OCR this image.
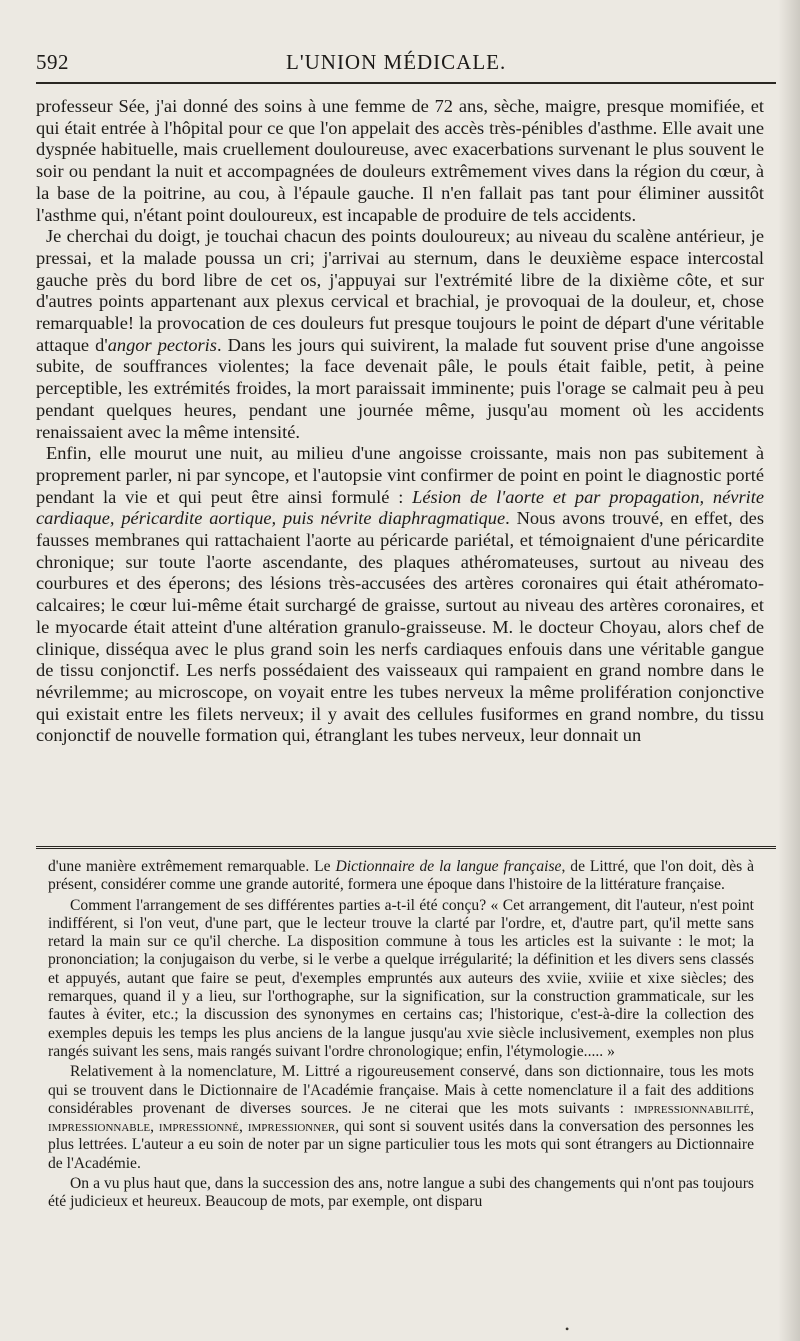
592	L'UNION MÉDICALE.

professeur Sée, j'ai donné des soins à une femme de 72 ans, sèche, maigre, presque momifiée, et qui était entrée à l'hôpital pour ce que l'on appelait des accès très-pénibles d'asthme. Elle avait une dyspnée habituelle, mais cruellement douloureuse, avec exacerbations survenant le plus souvent le soir ou pendant la nuit et accompagnées de douleurs extrêmement vives dans la région du cœur, à la base de la poitrine, au cou, à l'épaule gauche. Il n'en fallait pas tant pour éliminer aussitôt l'asthme qui, n'étant point douloureux, est incapable de produire de tels accidents.

Je cherchai du doigt, je touchai chacun des points douloureux; au niveau du scalène antérieur, je pressai, et la malade poussa un cri; j'arrivai au sternum, dans le deuxième espace intercostal gauche près du bord libre de cet os, j'appuyai sur l'extrémité libre de la dixième côte, et sur d'autres points appartenant aux plexus cervical et brachial, je provoquai de la douleur, et, chose remarquable! la provocation de ces douleurs fut presque toujours le point de départ d'une véritable attaque d'angor pectoris. Dans les jours qui suivirent, la malade fut souvent prise d'une angoisse subite, de souffrances violentes; la face devenait pâle, le pouls était faible, petit, à peine perceptible, les extrémités froides, la mort paraissait imminente; puis l'orage se calmait peu à peu pendant quelques heures, pendant une journée même, jusqu'au moment où les accidents renaissaient avec la même intensité.

Enfin, elle mourut une nuit, au milieu d'une angoisse croissante, mais non pas subitement à proprement parler, ni par syncope, et l'autopsie vint confirmer de point en point le diagnostic porté pendant la vie et qui peut être ainsi formulé : Lésion de l'aorte et par propagation, névrite cardiaque, péricardite aortique, puis névrite diaphragmatique. Nous avons trouvé, en effet, des fausses membranes qui rattachaient l'aorte au péricarde pariétal, et témoignaient d'une péricardite chronique; sur toute l'aorte ascendante, des plaques athéromateuses, surtout au niveau des courbures et des éperons; des lésions très-accusées des artères coronaires qui était athéromato-calcaires; le cœur lui-même était surchargé de graisse, surtout au niveau des artères coronaires, et le myocarde était atteint d'une altération granulo-graisseuse. M. le docteur Choyau, alors chef de clinique, disséqua avec le plus grand soin les nerfs cardiaques enfouis dans une véritable gangue de tissu conjonctif. Les nerfs possédaient des vaisseaux qui rampaient en grand nombre dans le névrilemme; au microscope, on voyait entre les tubes nerveux la même prolifération conjonctive qui existait entre les filets nerveux; il y avait des cellules fusiformes en grand nombre, du tissu conjonctif de nouvelle formation qui, étranglant les tubes nerveux, leur donnait un

d'une manière extrêmement remarquable. Le Dictionnaire de la langue française, de Littré, que l'on doit, dès à présent, considérer comme une grande autorité, formera une époque dans l'histoire de la littérature française.

Comment l'arrangement de ses différentes parties a-t-il été conçu? « Cet arrangement, dit l'auteur, n'est point indifférent, si l'on veut, d'une part, que le lecteur trouve la clarté par l'ordre, et, d'autre part, qu'il mette sans retard la main sur ce qu'il cherche. La disposition commune à tous les articles est la suivante : le mot; la prononciation; la conjugaison du verbe, si le verbe a quelque irrégularité; la définition et les divers sens classés et appuyés, autant que faire se peut, d'exemples empruntés aux auteurs des xviie, xviiie et xixe siècles; des remarques, quand il y a lieu, sur l'orthographe, sur la signification, sur la construction grammaticale, sur les fautes à éviter, etc.; la discussion des synonymes en certains cas; l'historique, c'est-à-dire la collection des exemples depuis les temps les plus anciens de la langue jusqu'au xvie siècle inclusivement, exemples non plus rangés suivant les sens, mais rangés suivant l'ordre chronologique; enfin, l'étymologie..... »

Relativement à la nomenclature, M. Littré a rigoureusement conservé, dans son dictionnaire, tous les mots qui se trouvent dans le Dictionnaire de l'Académie française. Mais à cette nomenclature il a fait des additions considérables provenant de diverses sources. Je ne citerai que les mots suivants : impressionnabilité, impressionnable, impressionné, impressionner, qui sont si souvent usités dans la conversation des personnes les plus lettrées. L'auteur a eu soin de noter par un signe particulier tous les mots qui sont étrangers au Dictionnaire de l'Académie.

On a vu plus haut que, dans la succession des ans, notre langue a subi des changements qui n'ont pas toujours été judicieux et heureux. Beaucoup de mots, par exemple, ont disparu

•
